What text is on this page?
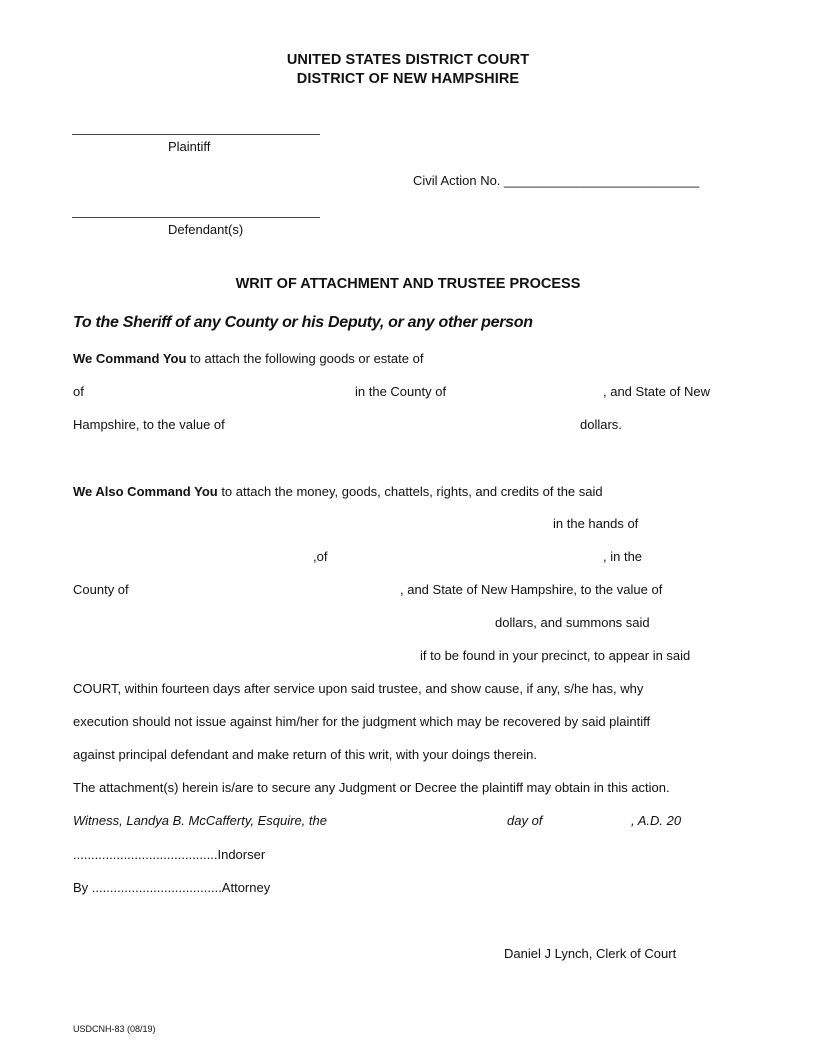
UNITED STATES DISTRICT COURT
DISTRICT OF NEW HAMPSHIRE
Plaintiff
Civil Action No. ___________________________
Defendant(s)
WRIT OF ATTACHMENT AND TRUSTEE PROCESS
To the Sheriff of any County or his Deputy, or any other person
We Command You to attach the following goods or estate of
of	in the County of	, and State of New
Hampshire, to the value of	dollars.
We Also Command You to attach the money, goods, chattels, rights, and credits of the said
in the hands of
,of	, in the
County of	, and State of New Hampshire, to the value of
dollars, and summons said
if to be found in your precinct, to appear in said
COURT, within fourteen days after service upon said trustee, and show cause, if any, s/he has, why
execution should not issue against him/her for the judgment which may be recovered by said plaintiff
against principal defendant and make return of this writ, with your doings therein.
The attachment(s) herein is/are to secure any Judgment or Decree the plaintiff may obtain in this action.
Witness, Landya B. McCafferty, Esquire, the	day of	, A.D. 20
........................................Indorser
By ....................................Attorney
Daniel J Lynch, Clerk of Court
USDCNH-83 (08/19)
